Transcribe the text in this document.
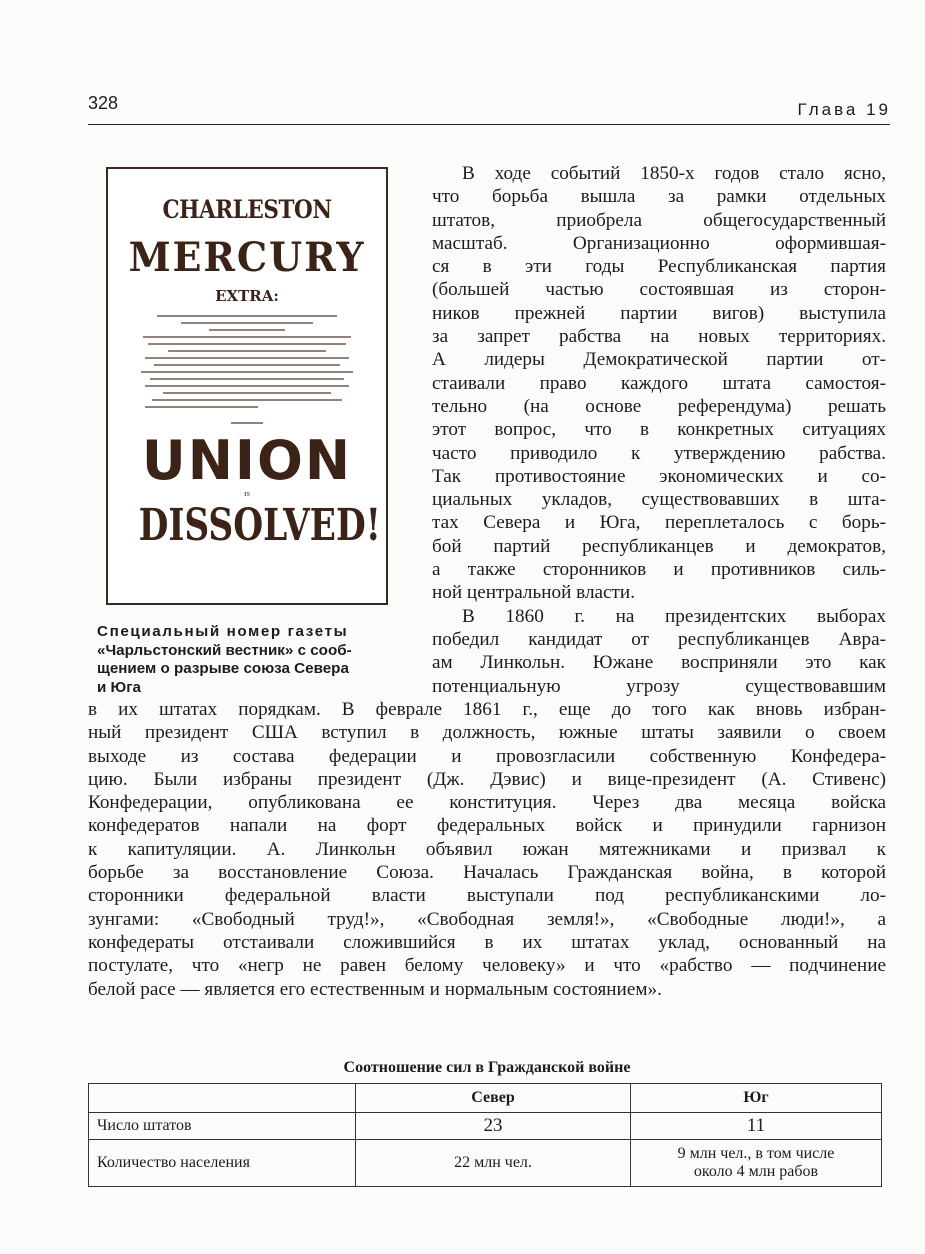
328	Глава 19
CHARLESTON
MERCURY
EXTRA:
UNION
IS
DISSOLVED!
Специальный номер газеты
«Чарльстонский вестник» с сооб-
щением о разрыве союза Севера
и Юга
В ходе событий 1850-х годов стало ясно,
что борьба вышла за рамки отдельных
штатов, приобрела общегосударственный
масштаб. Организационно оформившая-
ся в эти годы Республиканская партия
(большей частью состоявшая из сторон-
ников прежней партии вигов) выступила
за запрет рабства на новых территориях.
А лидеры Демократической партии от-
стаивали право каждого штата самостоя-
тельно (на основе референдума) решать
этот вопрос, что в конкретных ситуациях
часто приводило к утверждению рабства.
Так противостояние экономических и со-
циальных укладов, существовавших в шта-
тах Севера и Юга, переплеталось с борь-
бой партий республиканцев и демократов,
а также сторонников и противников силь-
ной центральной власти.
В 1860 г. на президентских выборах
победил кандидат от республиканцев Авра-
ам Линкольн. Южане восприняли это как
потенциальную угрозу существовавшим
в их штатах порядкам. В феврале 1861 г., еще до того как вновь избран-
ный президент США вступил в должность, южные штаты заявили о своем
выходе из состава федерации и провозгласили собственную Конфедера-
цию. Были избраны президент (Дж. Дэвис) и вице-президент (А. Стивенс)
Конфедерации, опубликована ее конституция. Через два месяца войска
конфедератов напали на форт федеральных войск и принудили гарнизон
к капитуляции. А. Линкольн объявил южан мятежниками и призвал к
борьбе за восстановление Союза. Началась Гражданская война, в которой
сторонники федеральной власти выступали под республиканскими ло-
зунгами: «Свободный труд!», «Свободная земля!», «Свободные люди!», а
конфедераты отстаивали сложившийся в их штатах уклад, основанный на
постулате, что «негр не равен белому человеку» и что «рабство — подчинение
белой расе — является его естественным и нормальным состоянием».
Соотношение сил в Гражданской войне
	Север	Юг
Число штатов	23	11
Количество населения	22 млн чел.	9 млн чел., в том числе
около 4 млн рабов
